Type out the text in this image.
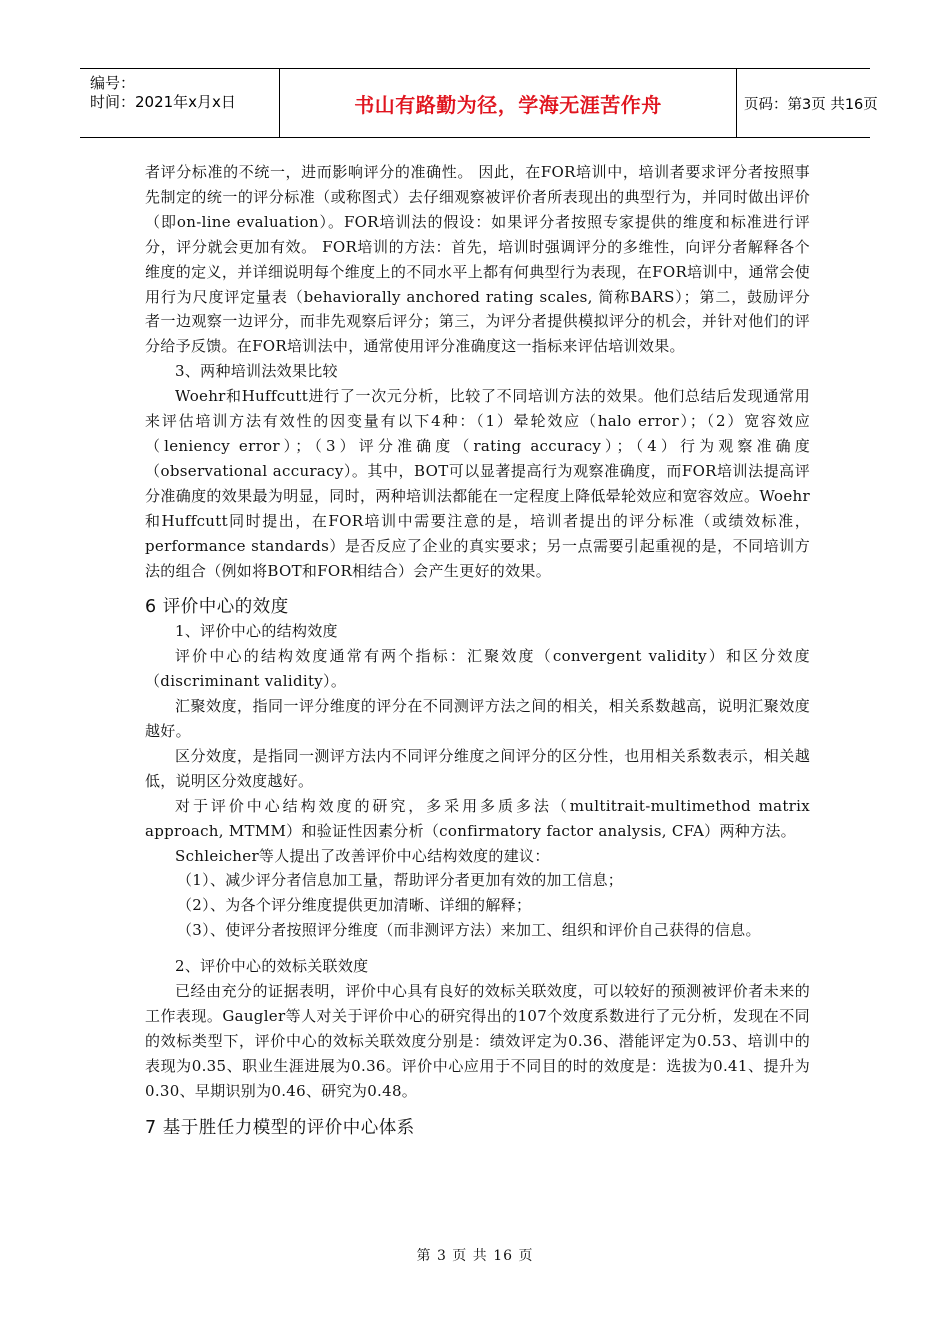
编号：
时间：2021年x月x日	书山有路勤为径，学海无涯苦作舟	页码：第3页 共16页

者评分标准的不统一，进而影响评分的准确性。 因此，在FOR培训中，培训者要求评分者按照事先制定的统一的评分标准（或称图式）去仔细观察被评价者所表现出的典型行为，并同时做出评价（即on-line evaluation）。FOR培训法的假设：如果评分者按照专家提供的维度和标准进行评分，评分就会更加有效。 FOR培训的方法：首先，培训时强调评分的多维性，向评分者解释各个维度的定义，并详细说明每个维度上的不同水平上都有何典型行为表现，在FOR培训中，通常会使用行为尺度评定量表（behaviorally anchored rating scales, 简称BARS）；第二，鼓励评分者一边观察一边评分，而非先观察后评分；第三，为评分者提供模拟评分的机会，并针对他们的评分给予反馈。在FOR培训法中，通常使用评分准确度这一指标来评估培训效果。

3、两种培训法效果比较

Woehr和Huffcutt进行了一次元分析，比较了不同培训方法的效果。他们总结后发现通常用来评估培训方法有效性的因变量有以下4种：（1）晕轮效应（halo error）；（2）宽容效应（leniency error）；（3）评分准确度（rating accuracy）；（4）行为观察准确度（observational accuracy）。其中，BOT可以显著提高行为观察准确度，而FOR培训法提高评分准确度的效果最为明显，同时，两种培训法都能在一定程度上降低晕轮效应和宽容效应。Woehr和Huffcutt同时提出，在FOR培训中需要注意的是，培训者提出的评分标准（或绩效标准，performance standards）是否反应了企业的真实要求；另一点需要引起重视的是，不同培训方法的组合（例如将BOT和FOR相结合）会产生更好的效果。

6 评价中心的效度

1、评价中心的结构效度

评价中心的结构效度通常有两个指标：汇聚效度（convergent validity）和区分效度（discriminant validity）。

汇聚效度，指同一评分维度的评分在不同测评方法之间的相关，相关系数越高，说明汇聚效度越好。

区分效度，是指同一测评方法内不同评分维度之间评分的区分性，也用相关系数表示，相关越低，说明区分效度越好。

对于评价中心结构效度的研究，多采用多质多法（multitrait-multimethod matrix approach, MTMM）和验证性因素分析（confirmatory factor analysis, CFA）两种方法。

Schleicher等人提出了改善评价中心结构效度的建议：

（1）、减少评分者信息加工量，帮助评分者更加有效的加工信息；

（2）、为各个评分维度提供更加清晰、详细的解释；

（3）、使评分者按照评分维度（而非测评方法）来加工、组织和评价自己获得的信息。

2、评价中心的效标关联效度

已经由充分的证据表明，评价中心具有良好的效标关联效度，可以较好的预测被评价者未来的工作表现。Gaugler等人对关于评价中心的研究得出的107个效度系数进行了元分析，发现在不同的效标类型下，评价中心的效标关联效度分别是：绩效评定为0.36、潜能评定为0.53、培训中的表现为0.35、职业生涯进展为0.36。评价中心应用于不同目的时的效度是：选拔为0.41、提升为0.30、早期识别为0.46、研究为0.48。

7 基于胜任力模型的评价中心体系
第 3 页 共 16 页
